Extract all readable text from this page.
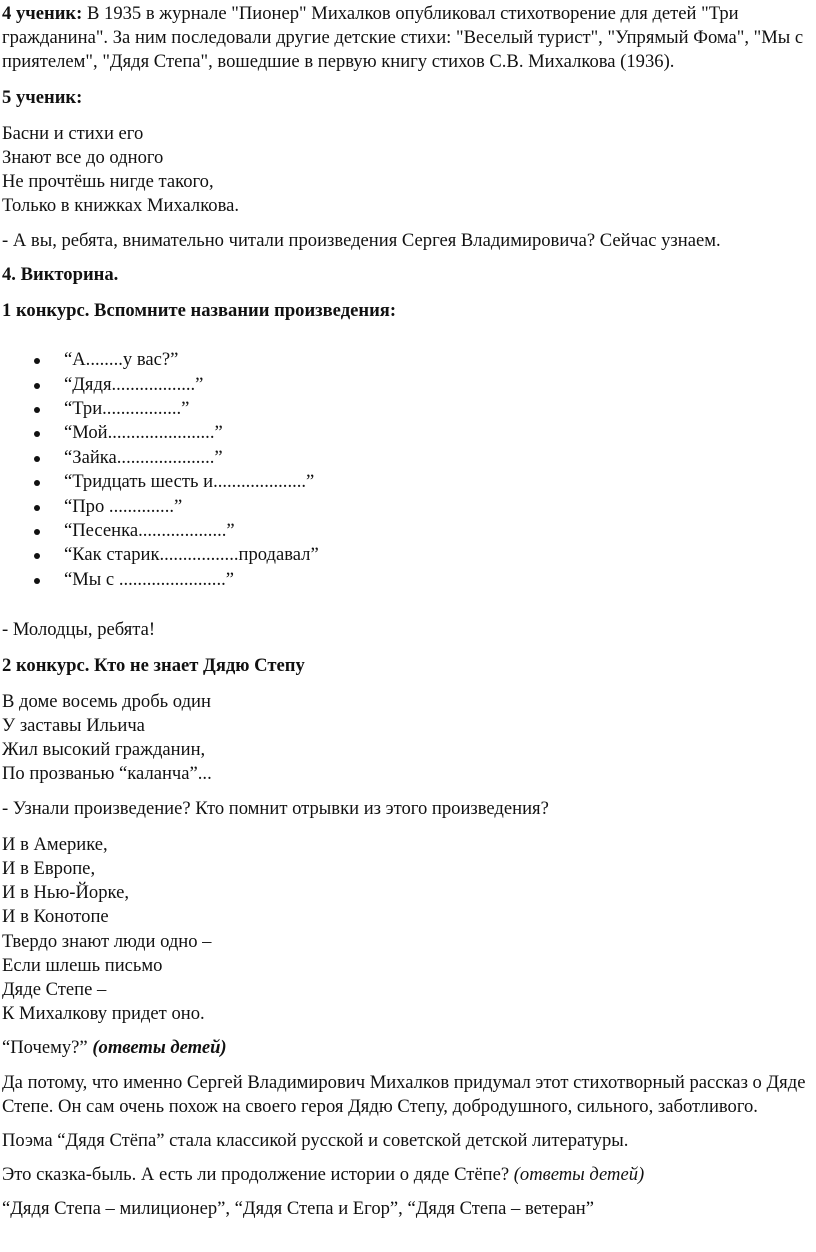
4 ученик: В 1935 в журнале "Пионер" Михалков опубликовал стихотворение для детей "Три гражданина". За ним последовали другие детские стихи: "Веселый турист", "Упрямый Фома", "Мы с приятелем", "Дядя Степа", вошедшие в первую книгу стихов С.В. Михалкова (1936).

5 ученик:

Басни и стихи его
Знают все до одного
Не прочтёшь нигде такого,
Только в книжках Михалкова.

- А вы, ребята, внимательно читали произведения Сергея Владимировича? Сейчас узнаем.

4. Викторина.

1 конкурс. Вспомните названии произведения:

“А........у вас?”
“Дядя..................”
“Три.................”
“Мой.......................”
“Зайка.....................”
“Тридцать шесть и....................”
“Про ..............”
“Песенка...................”
“Как старик.................продавал”
“Мы с .......................”

- Молодцы, ребята!

2 конкурс. Кто не знает Дядю Степу

В доме восемь дробь один
У заставы Ильича
Жил высокий гражданин,
По прозванью “каланча”...

- Узнали произведение? Кто помнит отрывки из этого произведения?

И в Америке,
И в Европе,
И в Нью-Йорке,
И в Конотопе
Твердо знают люди одно –
Если шлешь письмо
Дяде Степе –
К Михалкову придет оно.

“Почему?” (ответы детей)

Да потому, что именно Сергей Владимирович Михалков придумал этот стихотворный рассказ о Дяде Степе. Он сам очень похож на своего героя Дядю Степу, добродушного, сильного, заботливого.

Поэма “Дядя Стёпа” стала классикой русской и советской детской литературы.

Это сказка-быль. А есть ли продолжение истории о дяде Стёпе? (ответы детей)

“Дядя Степа – милиционер”, “Дядя Степа и Егор”, “Дядя Степа – ветеран”
